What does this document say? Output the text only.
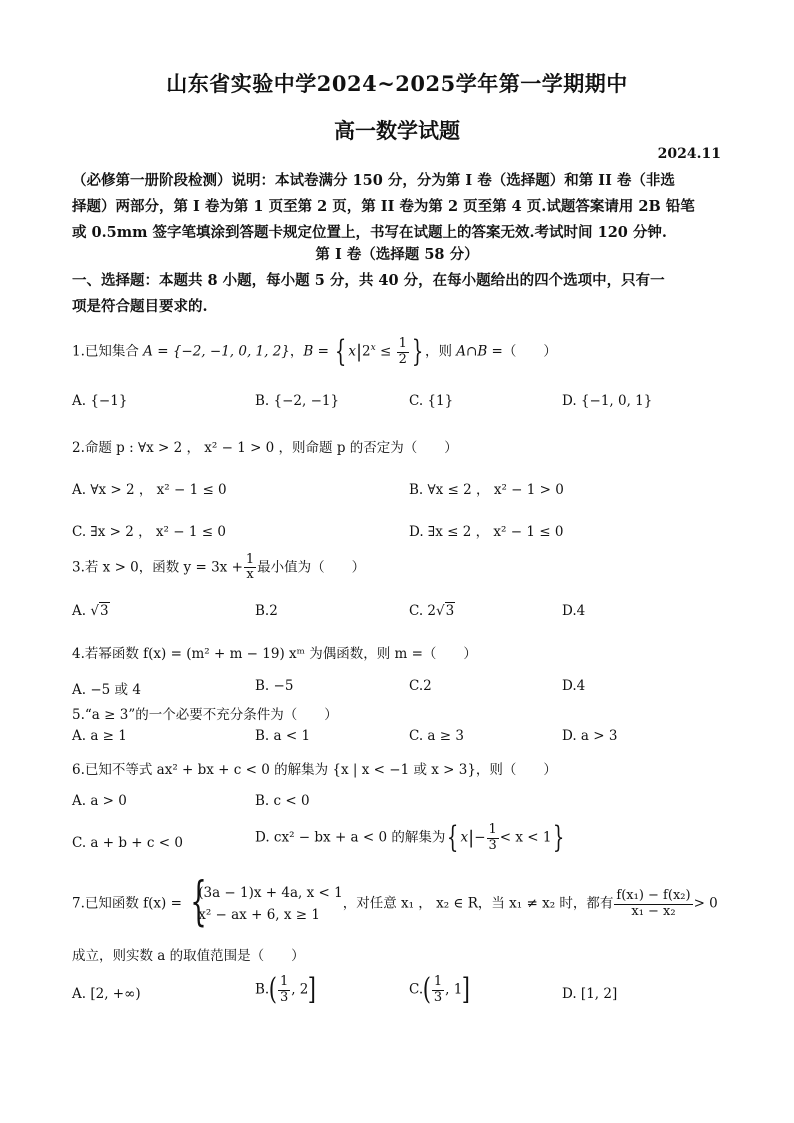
山东省实验中学2024~2025学年第一学期期中
高一数学试题
2024.11
（必修第一册阶段检测）说明：本试卷满分 150 分，分为第 I 卷（选择题）和第 II 卷（非选
择题）两部分，第 I 卷为第 1 页至第 2 页，第 II 卷为第 2 页至第 4 页.试题答案请用 2B 铅笔
或 0.5mm 签字笔填涂到答题卡规定位置上，书写在试题上的答案无效.考试时间 120 分钟.
第 I 卷（选择题 58 分）
一、选择题：本题共 8 小题，每小题 5 分，共 40 分，在每小题给出的四个选项中，只有一
项是符合题目要求的.
1.已知集合 A = {−2, −1, 0, 1, 2}，B = { $x|2^x \le \frac{1}{2}$ } ，则 A∩B =（　　）
A. {−1}	B. {−2, −1}	C. {1}	D. {−1, 0, 1}
2.命题 p : ∀x > 2 ， x² − 1 > 0 ，则命题 p 的否定为（　　）
A. ∀x > 2 ， x² − 1 ≤ 0	B. ∀x ≤ 2 ， x² − 1 > 0
C. ∃x > 2 ， x² − 1 ≤ 0	D. ∃x ≤ 2 ， x² − 1 ≤ 0
3.若 x > 0，函数 $y = 3x + \frac{1}{x}$ 最小值为（　　）
A. √3	B.2	C. 2√3	D.4
4.若幂函数 f(x) = (m² + m − 19) xᵐ 为偶函数，则 m =（　　）
A. −5 或 4	B. −5	C.2	D.4
5.“a ≥ 3”的一个必要不充分条件为（　　）
A. a ≥ 1	B. a < 1	C. a ≥ 3	D. a > 3
6.已知不等式 ax² + bx + c < 0 的解集为 {x | x < −1 或 x > 3}，则（　　）
A. a > 0	B. c < 0
C. a + b + c < 0	D. cx² − bx + a < 0 的解集为{ $x|- \frac{1}{3} < x < 1$}
7.已知函数 f(x) = {
(3a − 1)x + 4a, x < 1
x² − ax + 6, x ≥ 1
，对任意 x₁ ， x₂ ∈ R，当 x₁ ≠ x₂ 时，都有 $\frac{\text{f(x₁) − f(x₂)}}{\text{x₁ − x₂}} > 0$
成立，则实数 a 的取值范围是（　　）
A. [2, +∞)	$B.( \frac{1}{3}$ , 2]	$C.( \frac{1}{3}$ , 1]	D. [1, 2]
